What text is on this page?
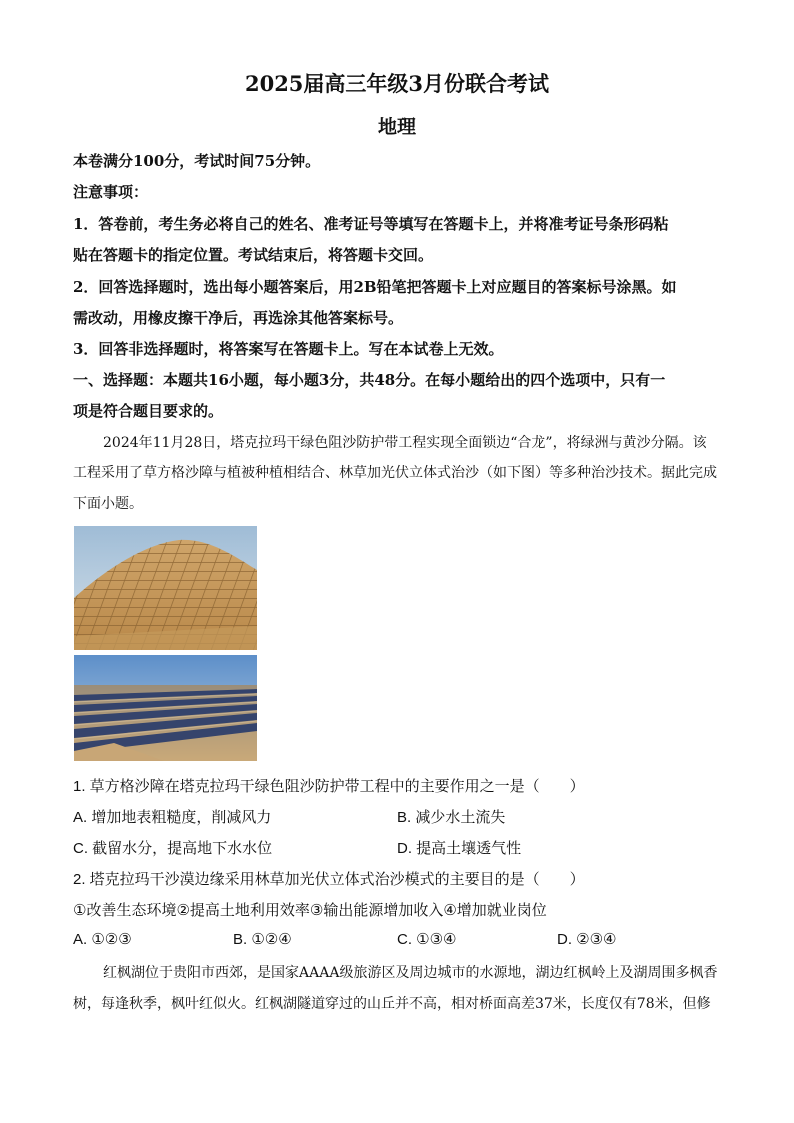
2025届高三年级3月份联合考试
地理
本卷满分100分，考试时间75分钟。
注意事项：
1．答卷前，考生务必将自己的姓名、准考证号等填写在答题卡上，并将准考证号条形码粘
贴在答题卡的指定位置。考试结束后，将答题卡交回。
2．回答选择题时，选出每小题答案后，用2B铅笔把答题卡上对应题目的答案标号涂黑。如
需改动，用橡皮擦干净后，再选涂其他答案标号。
3．回答非选择题时，将答案写在答题卡上。写在本试卷上无效。
一、选择题：本题共16小题，每小题3分，共48分。在每小题给出的四个选项中，只有一
项是符合题目要求的。
2024年11月28日，塔克拉玛干绿色阻沙防护带工程实现全面锁边“合龙”，将绿洲与黄沙分隔。该
工程采用了草方格沙障与植被种植相结合、林草加光伏立体式治沙（如下图）等多种治沙技术。据此完成
下面小题。
1. 草方格沙障在塔克拉玛干绿色阻沙防护带工程中的主要作用之一是（　　）
A. 增加地表粗糙度，削减风力	B. 减少水土流失
C. 截留水分，提高地下水水位	D. 提高土壤透气性
2. 塔克拉玛干沙漠边缘采用林草加光伏立体式治沙模式的主要目的是（　　）
①改善生态环境②提高土地利用效率③输出能源增加收入④增加就业岗位
A. ①②③	B. ①②④	C. ①③④	D. ②③④
红枫湖位于贵阳市西郊，是国家AAAA级旅游区及周边城市的水源地，湖边红枫岭上及湖周围多枫香
树，每逢秋季，枫叶红似火。红枫湖隧道穿过的山丘并不高，相对桥面高差37米，长度仅有78米，但修
